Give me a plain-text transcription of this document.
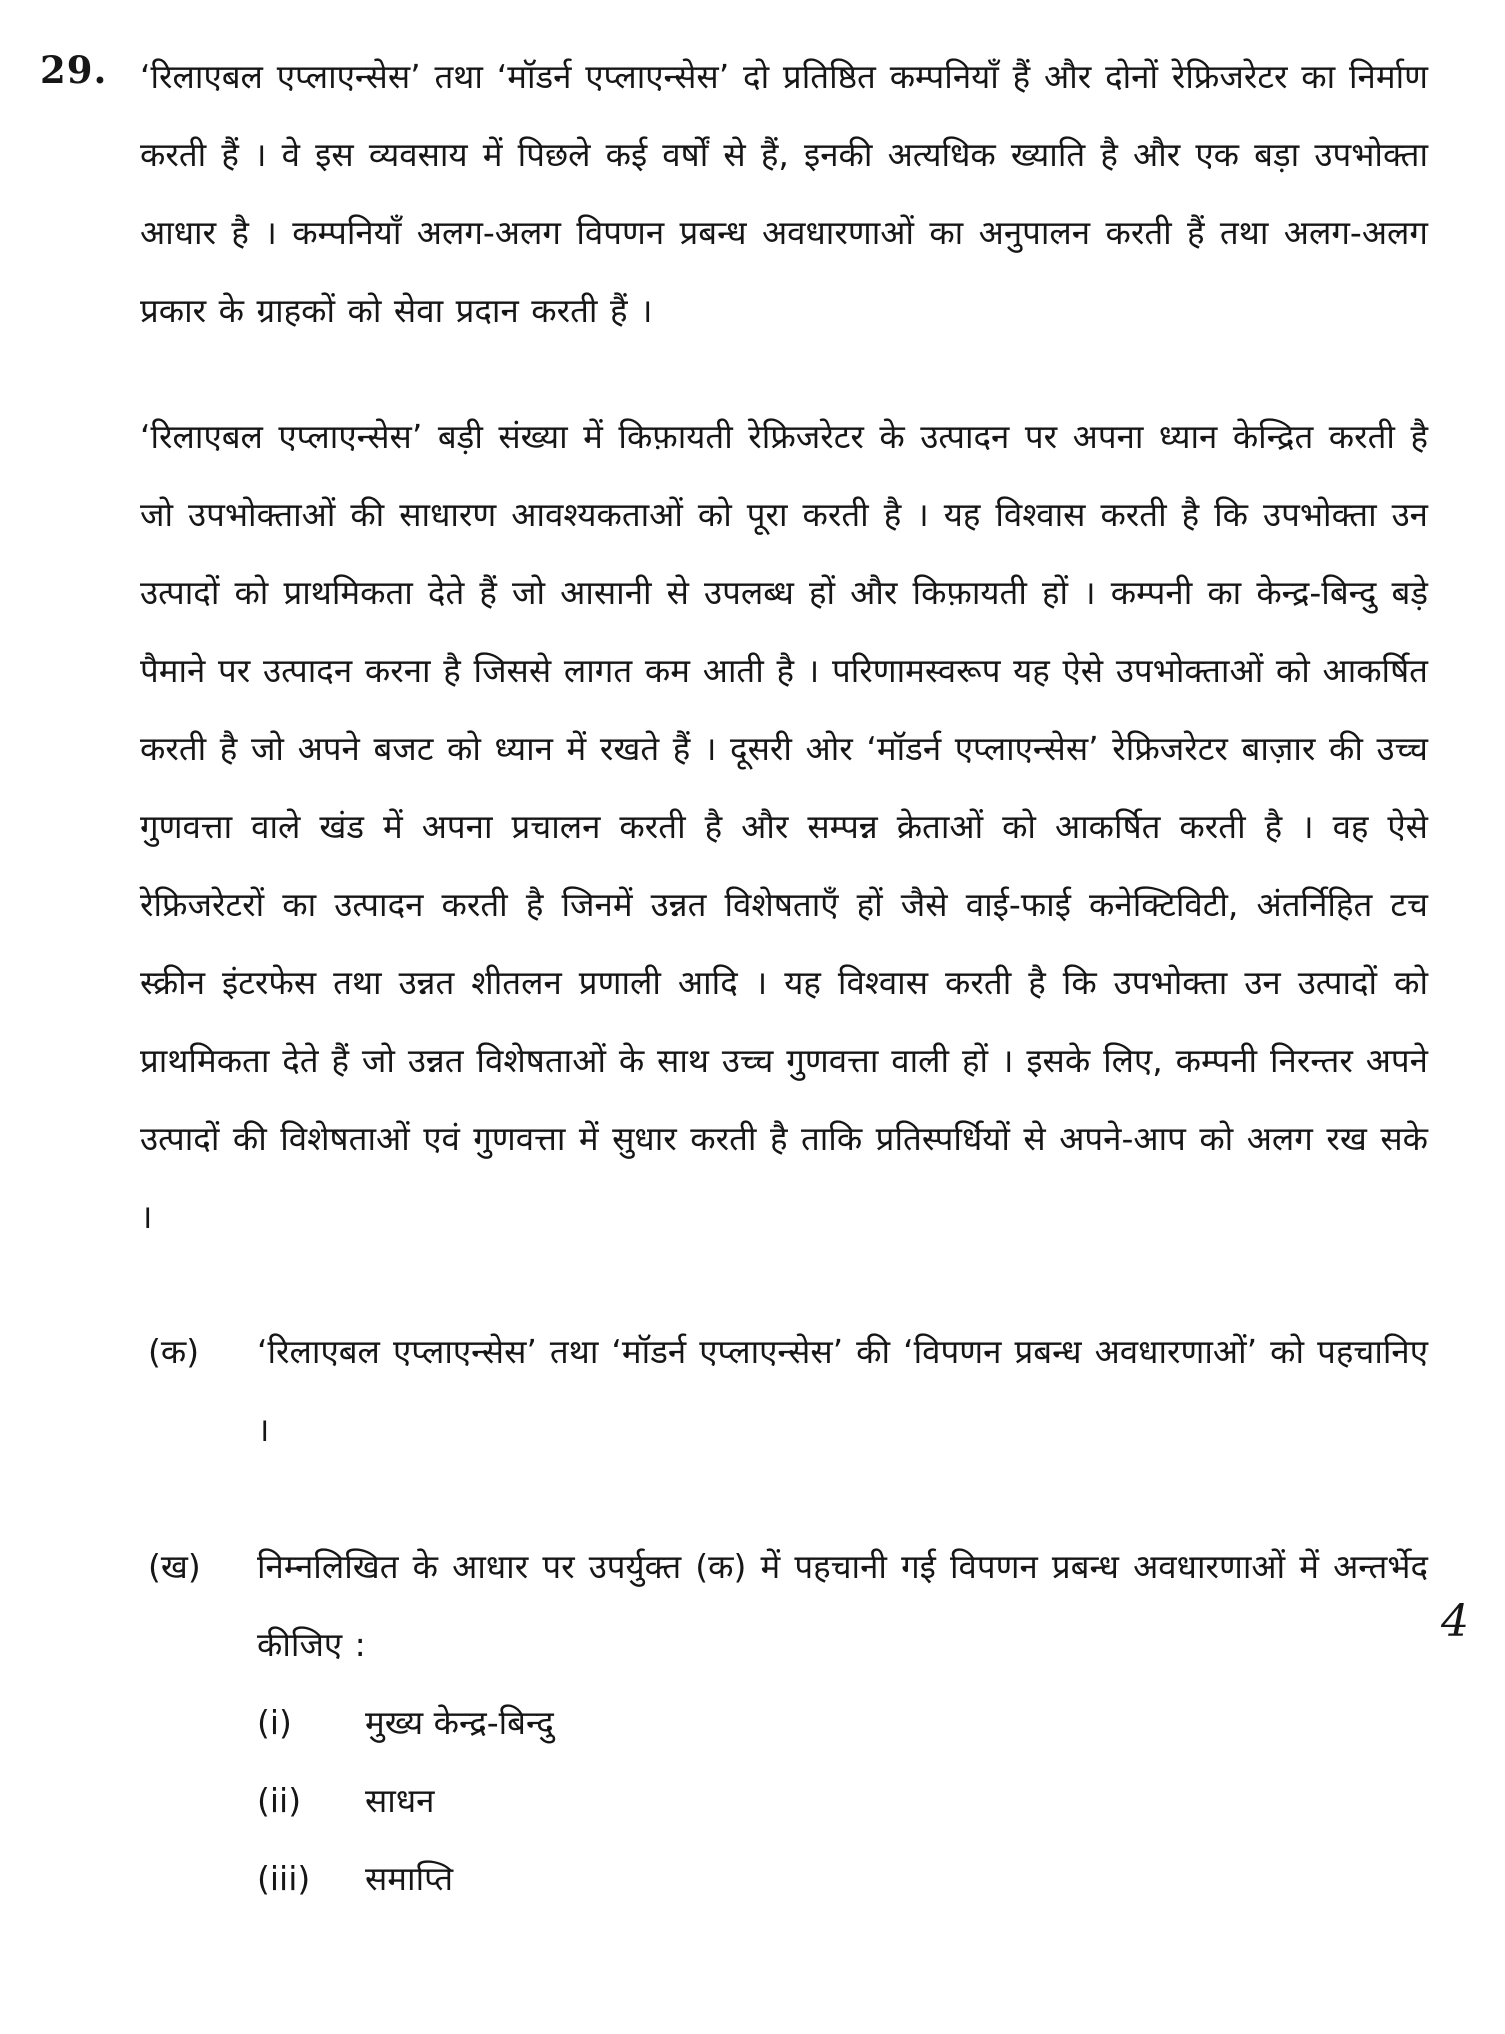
29. ‘रिलाएबल एप्लाएन्सेस’ तथा ‘मॉडर्न एप्लाएन्सेस’ दो प्रतिष्ठित कम्पनियाँ हैं और दोनों रेफ्रिजरेटर का निर्माण करती हैं । वे इस व्यवसाय में पिछले कई वर्षों से हैं, इनकी अत्यधिक ख्याति है और एक बड़ा उपभोक्ता आधार है । कम्पनियाँ अलग-अलग विपणन प्रबन्ध अवधारणाओं का अनुपालन करती हैं तथा अलग-अलग प्रकार के ग्राहकों को सेवा प्रदान करती हैं ।

‘रिलाएबल एप्लाएन्सेस’ बड़ी संख्या में किफ़ायती रेफ्रिजरेटर के उत्पादन पर अपना ध्यान केन्द्रित करती है जो उपभोक्ताओं की साधारण आवश्यकताओं को पूरा करती है । यह विश्वास करती है कि उपभोक्ता उन उत्पादों को प्राथमिकता देते हैं जो आसानी से उपलब्ध हों और किफ़ायती हों । कम्पनी का केन्द्र-बिन्दु बड़े पैमाने पर उत्पादन करना है जिससे लागत कम आती है । परिणामस्वरूप यह ऐसे उपभोक्ताओं को आकर्षित करती है जो अपने बजट को ध्यान में रखते हैं । दूसरी ओर ‘मॉडर्न एप्लाएन्सेस’ रेफ्रिजरेटर बाज़ार की उच्च गुणवत्ता वाले खंड में अपना प्रचालन करती है और सम्पन्न क्रेताओं को आकर्षित करती है । वह ऐसे रेफ्रिजरेटरों का उत्पादन करती है जिनमें उन्नत विशेषताएँ हों जैसे वाई-फाई कनेक्टिविटी, अंतर्निहित टच स्क्रीन इंटरफेस तथा उन्नत शीतलन प्रणाली आदि । यह विश्वास करती है कि उपभोक्ता उन उत्पादों को प्राथमिकता देते हैं जो उन्नत विशेषताओं के साथ उच्च गुणवत्ता वाली हों । इसके लिए, कम्पनी निरन्तर अपने उत्पादों की विशेषताओं एवं गुणवत्ता में सुधार करती है ताकि प्रतिस्पर्धियों से अपने-आप को अलग रख सके ।

(क)	‘रिलाएबल एप्लाएन्सेस’ तथा ‘मॉडर्न एप्लाएन्सेस’ की ‘विपणन प्रबन्ध अवधारणाओं’ को पहचानिए ।
(ख)	निम्नलिखित के आधार पर उपर्युक्त (क) में पहचानी गई विपणन प्रबन्ध अवधारणाओं में अन्तर्भेद कीजिए :
(i)	मुख्य केन्द्र-बिन्दु
(ii)	साधन
(iii)	समाप्ति
4
